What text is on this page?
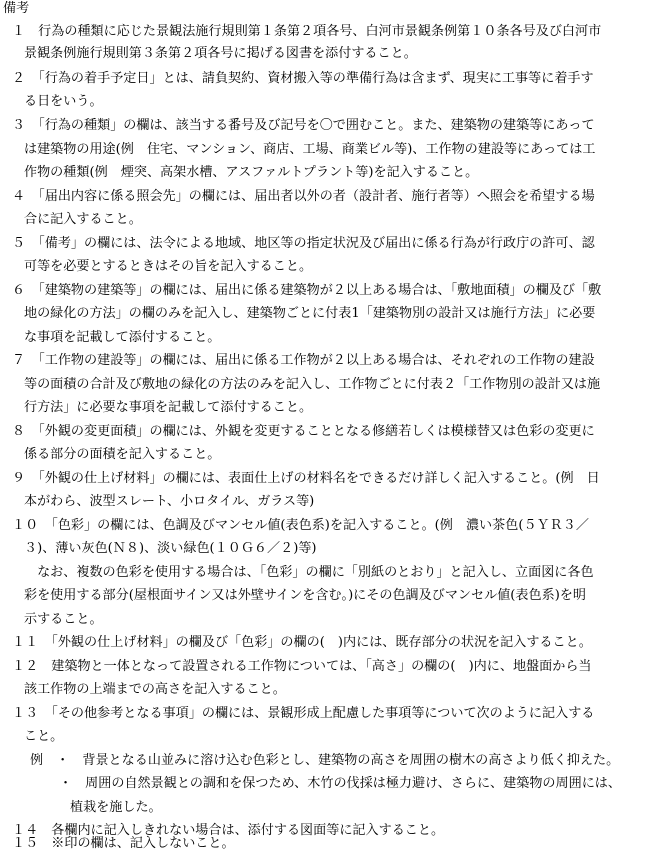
備考
１　行為の種類に応じた景観法施行規則第１条第２項各号、白河市景観条例第１０条各号及び白河市
景観条例施行規則第３条第２項各号に掲げる図書を添付すること。
２　「行為の着手予定日」とは、請負契約、資材搬入等の準備行為は含まず、現実に工事等に着手す
る日をいう。
３　「行為の種類」の欄は、該当する番号及び記号を〇で囲むこと。また、建築物の建築等にあって
は建築物の用途(例　住宅、マンション、商店、工場、商業ビル等)、工作物の建設等にあっては工
作物の種類(例　煙突、高架水槽、アスファルトプラント等)を記入すること。
４　「届出内容に係る照会先」の欄には、届出者以外の者（設計者、施行者等）へ照会を希望する場
合に記入すること。
５　「備考」の欄には、法令による地域、地区等の指定状況及び届出に係る行為が行政庁の許可、認
可等を必要とするときはその旨を記入すること。
６　「建築物の建築等」の欄には、届出に係る建築物が２以上ある場合は、「敷地面積」の欄及び「敷
地の緑化の方法」の欄のみを記入し、建築物ごとに付表1「建築物別の設計又は施行方法」に必要
な事項を記載して添付すること。
７　「工作物の建設等」の欄には、届出に係る工作物が２以上ある場合は、それぞれの工作物の建設
等の面積の合計及び敷地の緑化の方法のみを記入し、工作物ごとに付表２「工作物別の設計又は施
行方法」に必要な事項を記載して添付すること。
８　「外観の変更面積」の欄には、外観を変更することとなる修繕若しくは模様替又は色彩の変更に
係る部分の面積を記入すること。
９　「外観の仕上げ材料」の欄には、表面仕上げの材料名をできるだけ詳しく記入すること。(例　日
本がわら、波型スレート、小ロタイル、ガラス等)
１０　「色彩」の欄には、色調及びマンセル値(表色系)を記入すること。(例　濃い茶色(５ＹＲ３／
３)、薄い灰色(Ｎ８)、淡い緑色(１０Ｇ６／２)等)
　なお、複数の色彩を使用する場合は、「色彩」の欄に「別紙のとおり」と記入し、立面図に各色
彩を使用する部分(屋根面サイン又は外壁サインを含む。)にその色調及びマンセル値(表色系)を明
示すること。
１１　「外観の仕上げ材料」の欄及び「色彩」の欄の(　)内には、既存部分の状況を記入すること。
１２　建築物と一体となって設置される工作物については、「高さ」の欄の(　)内に、地盤面から当
該工作物の上端までの高さを記入すること。
１３　「その他参考となる事項」の欄には、景観形成上配慮した事項等について次のように記入する
こと。
例　・　背景となる山並みに溶け込む色彩とし、建築物の高さを周囲の樹木の高さより低く抑えた。
・　周囲の自然景観との調和を保つため、木竹の伐採は極力避け、さらに、建築物の周囲には、
植栽を施した。
１４　各欄内に記入しきれない場合は、添付する図面等に記入すること。
１５　※印の欄は、記入しないこと。
